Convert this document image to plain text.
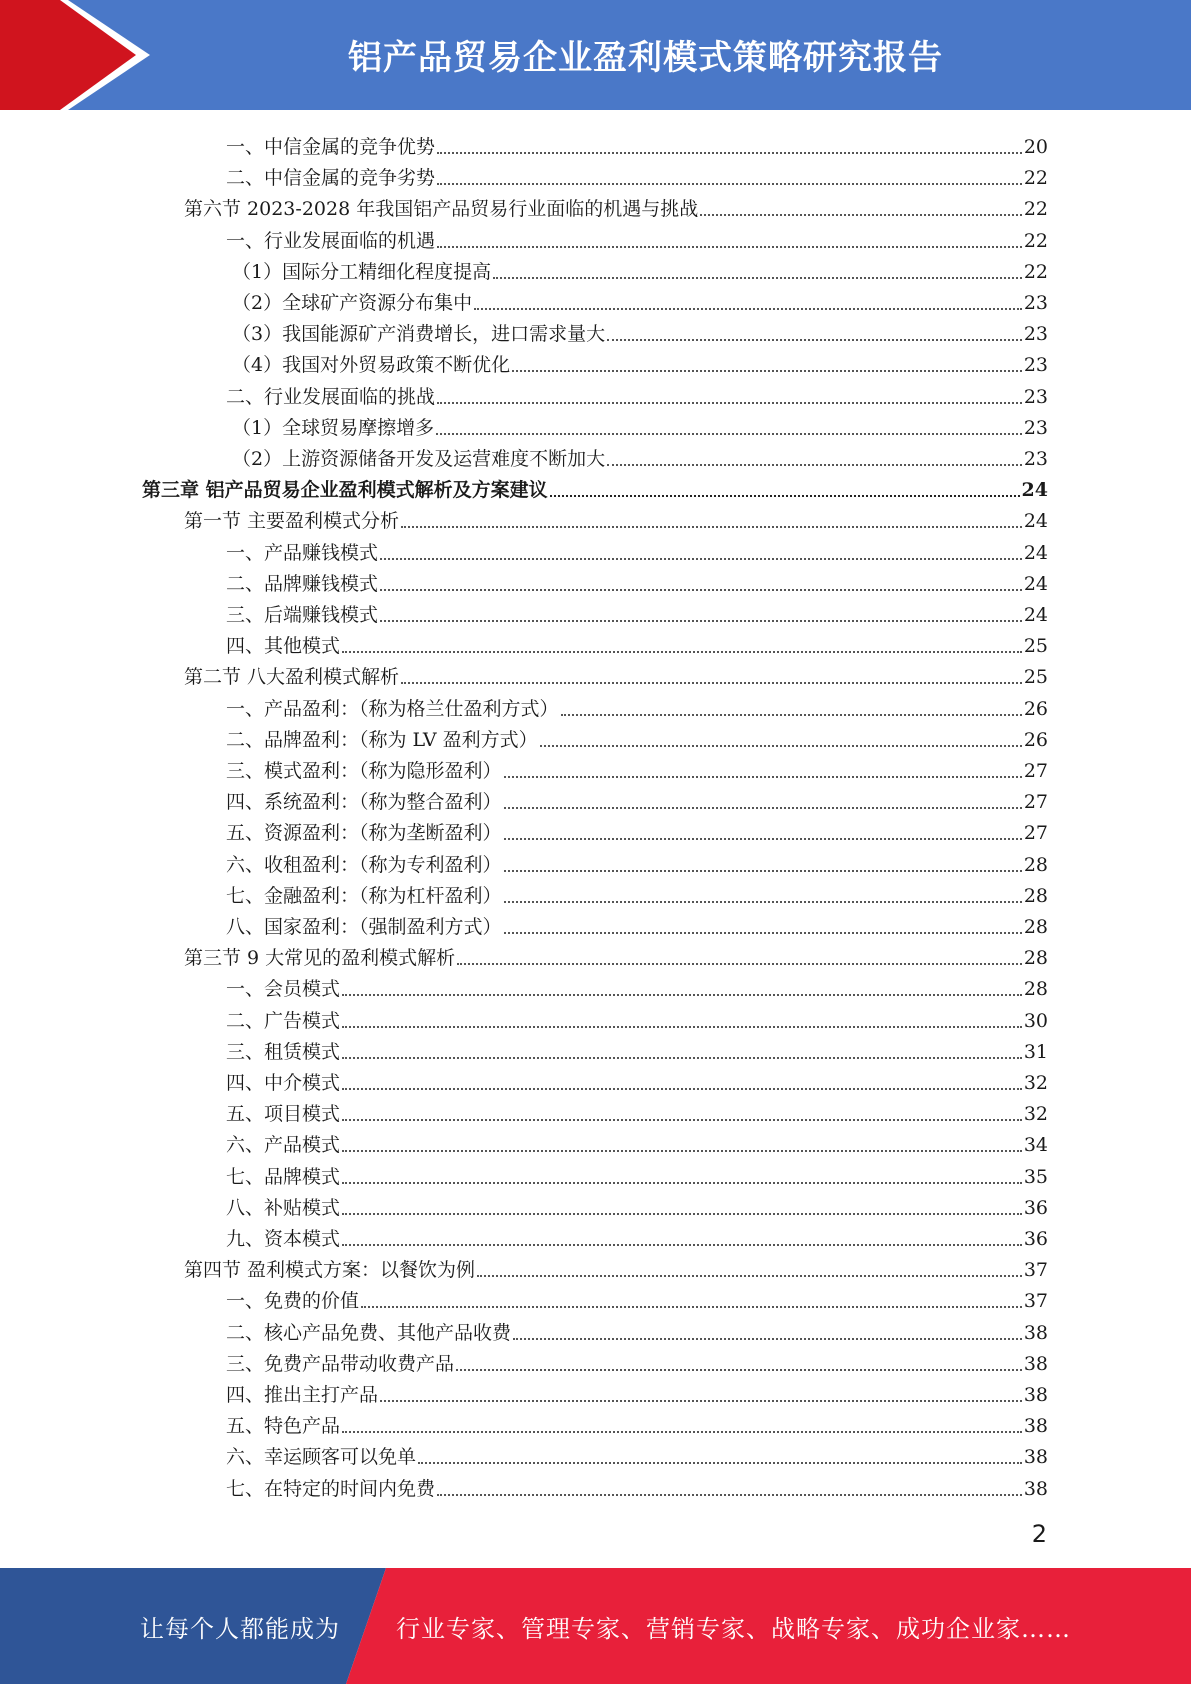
铝产品贸易企业盈利模式策略研究报告
一、中信金属的竞争优势	20
二、中信金属的竞争劣势	22
第六节 2023-2028 年我国铝产品贸易行业面临的机遇与挑战	22
一、行业发展面临的机遇	22
（1）国际分工精细化程度提高	22
（2）全球矿产资源分布集中	23
（3）我国能源矿产消费增长，进口需求量大	23
（4）我国对外贸易政策不断优化	23
二、行业发展面临的挑战	23
（1）全球贸易摩擦增多	23
（2）上游资源储备开发及运营难度不断加大	23
第三章 铝产品贸易企业盈利模式解析及方案建议	24
第一节 主要盈利模式分析	24
一、产品赚钱模式	24
二、品牌赚钱模式	24
三、后端赚钱模式	24
四、其他模式	25
第二节 八大盈利模式解析	25
一、产品盈利：（称为格兰仕盈利方式）	26
二、品牌盈利：（称为 LV 盈利方式）	26
三、模式盈利：（称为隐形盈利）	27
四、系统盈利：（称为整合盈利）	27
五、资源盈利：（称为垄断盈利）	27
六、收租盈利：（称为专利盈利）	28
七、金融盈利：（称为杠杆盈利）	28
八、国家盈利：（强制盈利方式）	28
第三节 9 大常见的盈利模式解析	28
一、会员模式	28
二、广告模式	30
三、租赁模式	31
四、中介模式	32
五、项目模式	32
六、产品模式	34
七、品牌模式	35
八、补贴模式	36
九、资本模式	36
第四节 盈利模式方案：以餐饮为例	37
一、免费的价值	37
二、核心产品免费、其他产品收费	38
三、免费产品带动收费产品	38
四、推出主打产品	38
五、特色产品	38
六、幸运顾客可以免单	38
七、在特定的时间内免费	38
2
让每个人都能成为 行业专家、管理专家、营销专家、战略专家、成功企业家……
